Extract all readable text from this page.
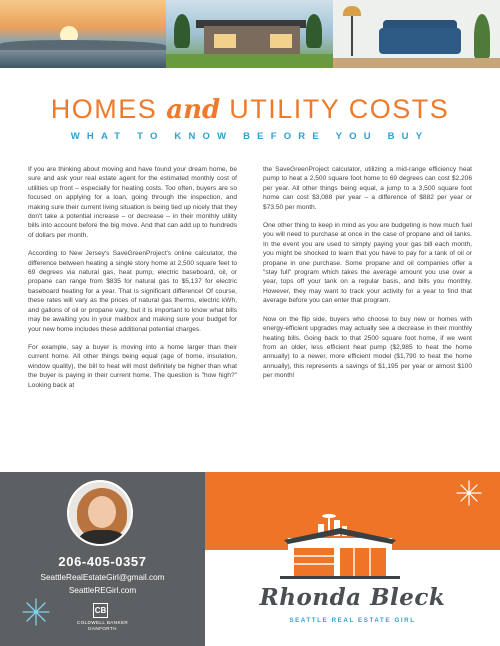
HOMES and UTILITY COSTS
WHAT TO KNOW BEFORE YOU BUY

If you are thinking about moving and have found your dream home, be sure and ask your real estate agent for the estimated monthly cost of utilities up front – especially for heating costs. Too often, buyers are so focused on applying for a loan, going through the inspection, and making sure their current living situation is being tied up nicely that they don't take a potential increase – or decrease – in their monthly utility bills into account before the big move. And that can add up to hundreds of dollars per month.

According to New Jersey's SaveGreenProject's online calculator, the difference between heating a single story home at 2,500 square feet to 69 degrees via natural gas, heat pump, electric baseboard, oil, or propane can range from $835 for natural gas to $5,137 for electric baseboard heating for a year. That is significant difference! Of course, these rates will vary as the prices of natural gas therms, electric kWh, and gallons of oil or propane vary, but it is important to know what bills may be awaiting you in your mailbox and making sure your budget for your new home includes these additional potential charges.

For example, say a buyer is moving into a home larger than their current home. All other things being equal (age of home, insulation, window quality), the bill to heat will most definitely be higher than what the buyer is paying in their current home. The question is "how high?" Looking back at

the SaveGreenProject calculator, utilizing a mid-range efficiency heat pump to heat a 2,500 square foot home to 69 degrees can cost $2,206 per year. All other things being equal, a jump to a 3,500 square foot home can cost $3,088 per year – a difference of $882 per year or $73.50 per month.

One other thing to keep in mind as you are budgeting is how much fuel you will need to purchase at once in the case of propane and oil tanks. In the event you are used to simply paying your gas bill each month, you might be shocked to learn that you have to pay for a tank of oil or propane in one purchase. Some propane and oil companies offer a "stay full" program which takes the average amount you use over a year, tops off your tank on a regular basis, and bills you monthly. However, they may want to track your activity for a year to find that average before you can enter that program.

Now on the flip side, buyers who choose to buy new or homes with energy-efficient upgrades may actually see a decrease in their monthly heating bills. Going back to that 2500 square foot home, if we went from an older, less efficient heat pump ($2,985 to heat the home annually) to a newer, more efficient model ($1,790 to heat the home annually), this represents a savings of $1,195 per year or almost $100 per month!

206-405-0357
SeattleRealEstateGirl@gmail.com
SeattleREGirl.com
CB
COLDWELL BANKER
DANFORTH
Rhonda Bleck
SEATTLE REAL ESTATE GIRL
